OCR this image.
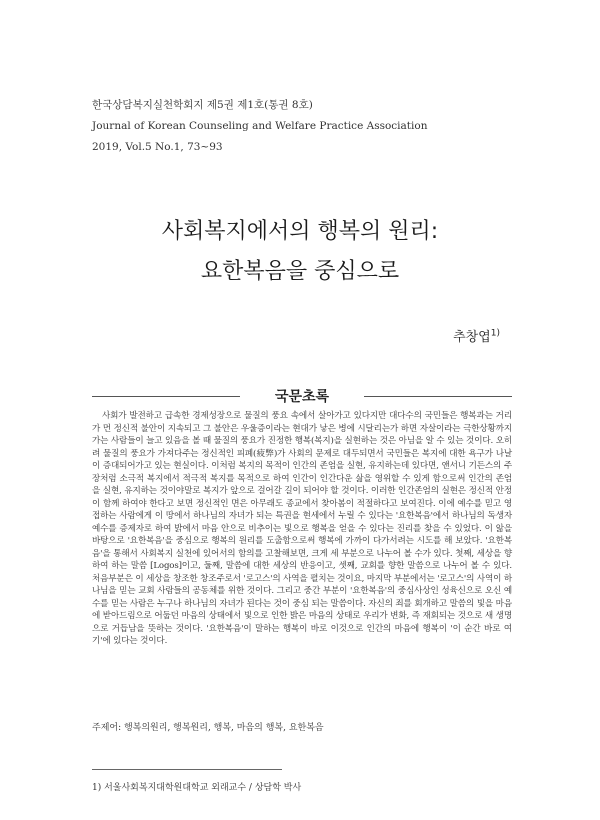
한국상담복지실천학회지 제5권 제1호(통권 8호)
Journal of Korean Counseling and Welfare Practice Association
2019, Vol.5 No.1, 73~93
사회복지에서의 행복의 원리:
요한복음을 중심으로
추창엽$^{1)}$
국문초록
사회가 발전하고 급속한 경제성장으로 물질의 풍요 속에서 살아가고 있다지만 대다수의 국민들은 행복과는 거리가 먼 정신적 불안이 지속되고 그 불안은 우울증이라는 현대가 낳은 병에 시달리는가 하면 자살이라는 극한상황까지 가는 사람들이 늘고 있음을 볼 때 물질의 풍요가 진정한 행복(복지)을 실현하는 것은 아님을 알 수 있는 것이다. 오히려 물질의 풍요가 가져다주는 정신적인 피폐(疲弊)가 사회의 문제로 대두되면서 국민들은 복지에 대한 욕구가 나날이 증대되어가고 있는 현실이다. 이처럼 복지의 목적이 인간의 존엄을 실현, 유지하는데 있다면, 앤서니 기든스의 주장처럼 소극적 복지에서 적극적 복지를 목적으로 하여 인간이 인간다운 삶을 영위할 수 있게 함으로써 인간의 존엄을 실현, 유지하는 것이야말로 복지가 앞으로 걸어갈 길이 되어야 할 것이다. 이러한 인간존엄의 실현은 정신적 안정이 함께 하여야 한다고 보면 정신적인 면은 아무래도 종교에서 찾아봄이 적절하다고 보여진다. 이에 예수를 믿고 영접하는 사람에게 이 땅에서 하나님의 자녀가 되는 특권을 현세에서 누릴 수 있다는 '요한복음'에서 하나님의 독생자 예수를 증제자로 하여 밝에서 마음 안으로 비추이는 빛으로 행복을 얻을 수 있다는 진리를 찾을 수 있었다. 이 앎을 바탕으로 '요한복음'을 중심으로 행복의 원리를 도출함으로써 행복에 가까이 다가서려는 시도를 해 보았다. '요한복음'을 통해서 사회복지 실천에 있어서의 함의를 고찰해보면, 크게 세 부분으로 나누어 볼 수가 있다. 첫째, 세상을 향하여 하는 말씀 [Logos]이고, 둘째, 말씀에 대한 세상의 반응이고, 셋째, 교회를 향한 말씀으로 나누어 볼 수 있다. 처음부분은 이 세상을 창조한 창조주로서 '로고스'의 사역을 펼치는 것이요, 마지막 부분에서는 '로고스'의 사역이 하나님을 믿는 교회 사람들의 공동체를 위한 것이다. 그리고 중간 부분이 '요한복음'의 중심사상인 성육신으로 오신 예수를 믿는 사람은 누구나 하나님의 자녀가 된다는 것이 중심 되는 말씀이다. 자신의 죄를 회개하고 말씀의 빛을 마음에 받아드림으로 어둡던 마음의 상태에서 빛으로 인한 밝은 마음의 상태로 우리가 변화, 즉 재회되는 것으로 새 생명으로 거듭남을 뜻하는 것이다. '요한복음'이 말하는 행복이 바로 이것으로 인간의 마음에 행복이 '이 순간 바로 여기'에 있다는 것이다.
주제어: 행복의원리, 행복원리, 행복, 마음의 행복, 요한복음
1) 서울사회복지대학원대학교 외래교수 / 상담학 박사
